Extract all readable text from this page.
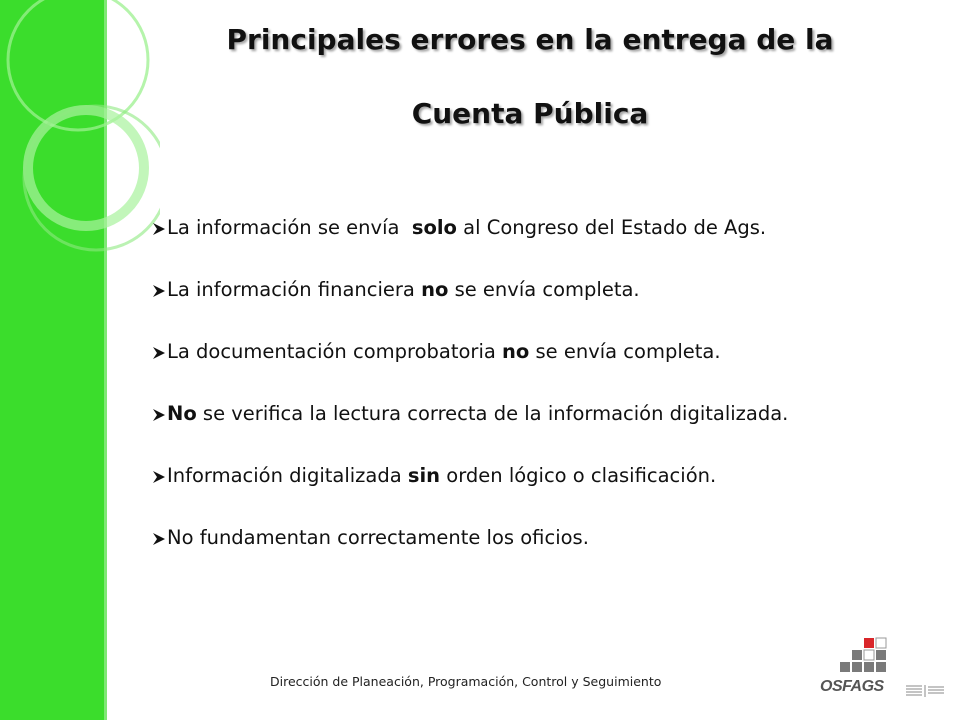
Principales errores en la entrega de la
Cuenta Pública
La información se envía solo al Congreso del Estado de Ags.
La información financiera no se envía completa.
La documentación comprobatoria no se envía completa.
No se verifica la lectura correcta de la información digitalizada.
Información digitalizada sin orden lógico o clasificación.
No fundamentan correctamente los oficios.
Dirección de Planeación, Programación, Control y Seguimiento	OSFAGS
